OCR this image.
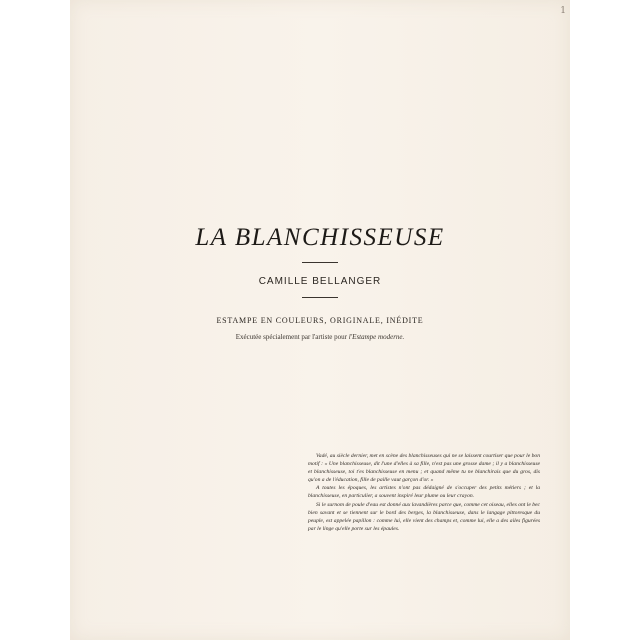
1
LA BLANCHISSEUSE
CAMILLE BELLANGER
ESTAMPE EN COULEURS, ORIGINALE, INÉDITE
Exécutée spécialement par l'artiste pour l'Estampe moderne.

Vadé, au siècle dernier, met en scène des blanchisseuses qui ne se laissent courtiser que pour le bon motif : « Une blanchisseuse, dit l'une d'elles à sa fille, n'est pas une grosse dame ; il y a blanchisseuse et blanchisseuse, toi t'es blanchisseuse en menu ; et quand même tu ne blanchirais que du gros, dis qu'on a de l'éducation, fille de paille vaut garçon d'or. »

A toutes les époques, les artistes n'ont pas dédaigné de s'occuper des petits métiers ; et la blanchisseuse, en particulier, a souvent inspiré leur plume ou leur crayon.

Si le surnom de poule d'eau est donné aux lavandières parce que, comme cet oiseau, elles ont le bec bien savant et se tiennent sur le bord des berges, la blanchisseuse, dans le langage pittoresque du peuple, est appelée papillon : comme lui, elle vient des champs et, comme lui, elle a des ailes figurées par le linge qu'elle porte sur les épaules.
